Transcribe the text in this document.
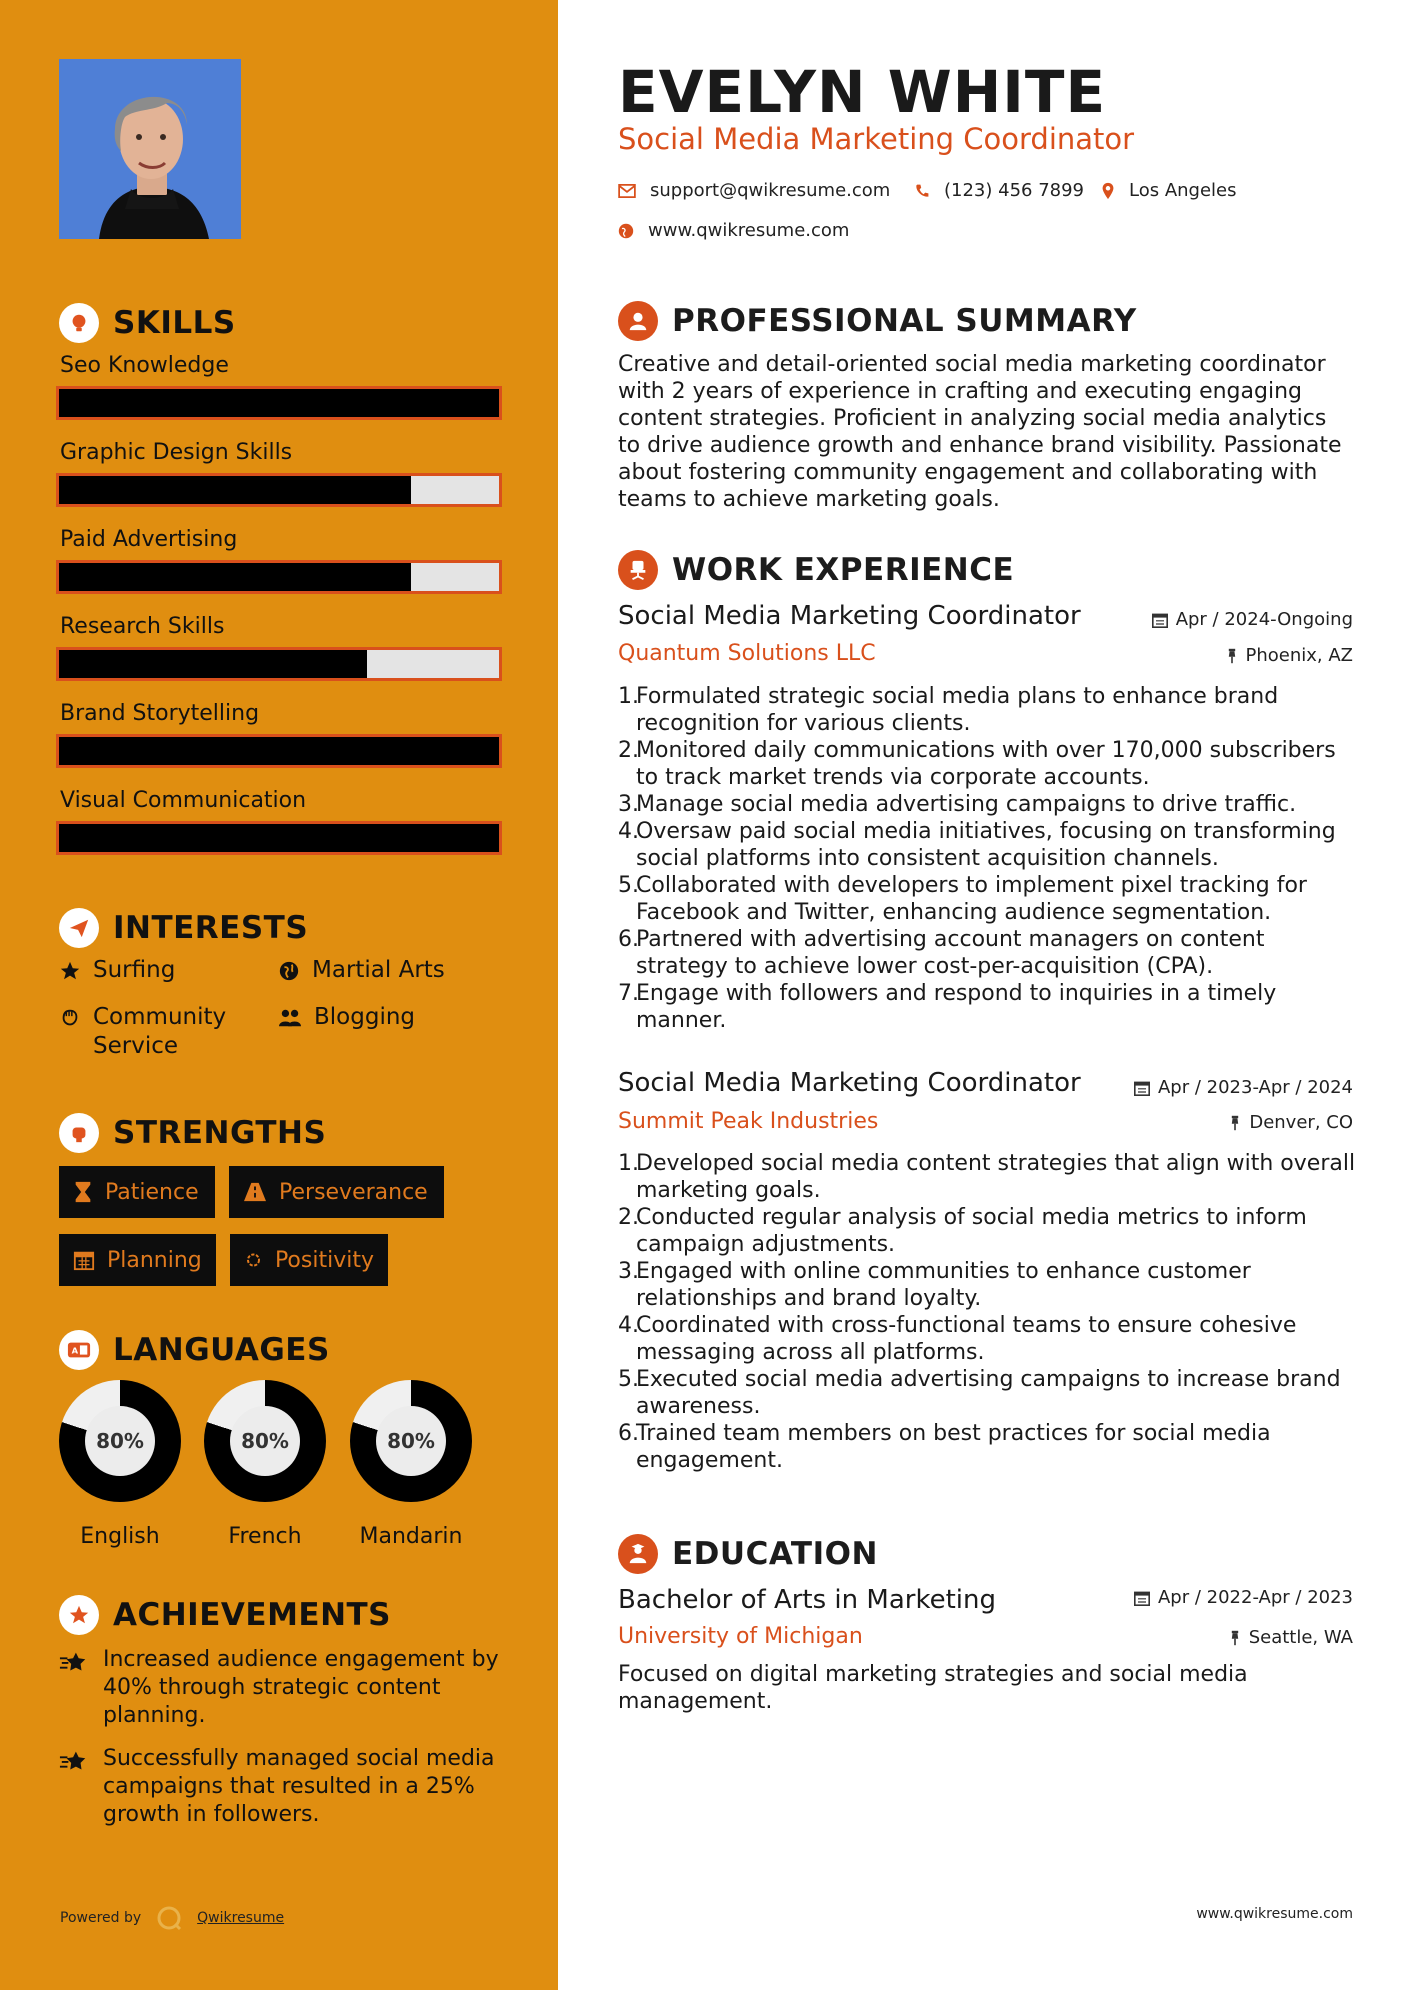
SKILLS
Seo Knowledge
Graphic Design Skills
Paid Advertising
Research Skills
Brand Storytelling
Visual Communication
INTERESTS
Surfing	Martial Arts
Community Service
Blogging
STRENGTHS
Patience	Perseverance
Planning	Positivity
A LANGUAGES
80%
English
80%
French
80%
Mandarin
ACHIEVEMENTS
Increased audience engagement by 40% through strategic content planning.
Successfully managed social media campaigns that resulted in a 25% growth in followers.
Powered by	Qwikresume
EVELYN WHITE
Social Media Marketing Coordinator
support@qwikresume.com	(123) 456 7899 Los Angeles
www.qwikresume.com
PROFESSIONAL SUMMARY
Creative and detail-oriented social media marketing coordinator with 2 years of experience in crafting and executing engaging content strategies. Proficient in analyzing social media analytics to drive audience growth and enhance brand visibility. Passionate about fostering community engagement and collaborating with teams to achieve marketing goals.
WORK EXPERIENCE
Social Media Marketing Coordinator	Apr / 2024-Ongoing
Quantum Solutions LLC	Phoenix, AZ
1.
Formulated strategic social media plans to enhance brand recognition for various clients.
2.
Monitored daily communications with over 170,000 subscribers to track market trends via corporate accounts.
3.
Manage social media advertising campaigns to drive traffic.
4.
Oversaw paid social media initiatives, focusing on transforming social platforms into consistent acquisition channels.
5.
Collaborated with developers to implement pixel tracking for Facebook and Twitter, enhancing audience segmentation.
6.
Partnered with advertising account managers on content strategy to achieve lower cost-per-acquisition (CPA).
7.
Engage with followers and respond to inquiries in a timely manner.
Social Media Marketing Coordinator	Apr / 2023-Apr / 2024
Summit Peak Industries	Denver, CO
1.
Developed social media content strategies that align with overall marketing goals.
2.
Conducted regular analysis of social media metrics to inform campaign adjustments.
3.
Engaged with online communities to enhance customer relationships and brand loyalty.
4.
Coordinated with cross-functional teams to ensure cohesive messaging across all platforms.
5.
Executed social media advertising campaigns to increase brand awareness.
6.
Trained team members on best practices for social media engagement.
EDUCATION
Bachelor of Arts in Marketing	Apr / 2022-Apr / 2023
University of Michigan	Seattle, WA
Focused on digital marketing strategies and social media management.
www.qwikresume.com
